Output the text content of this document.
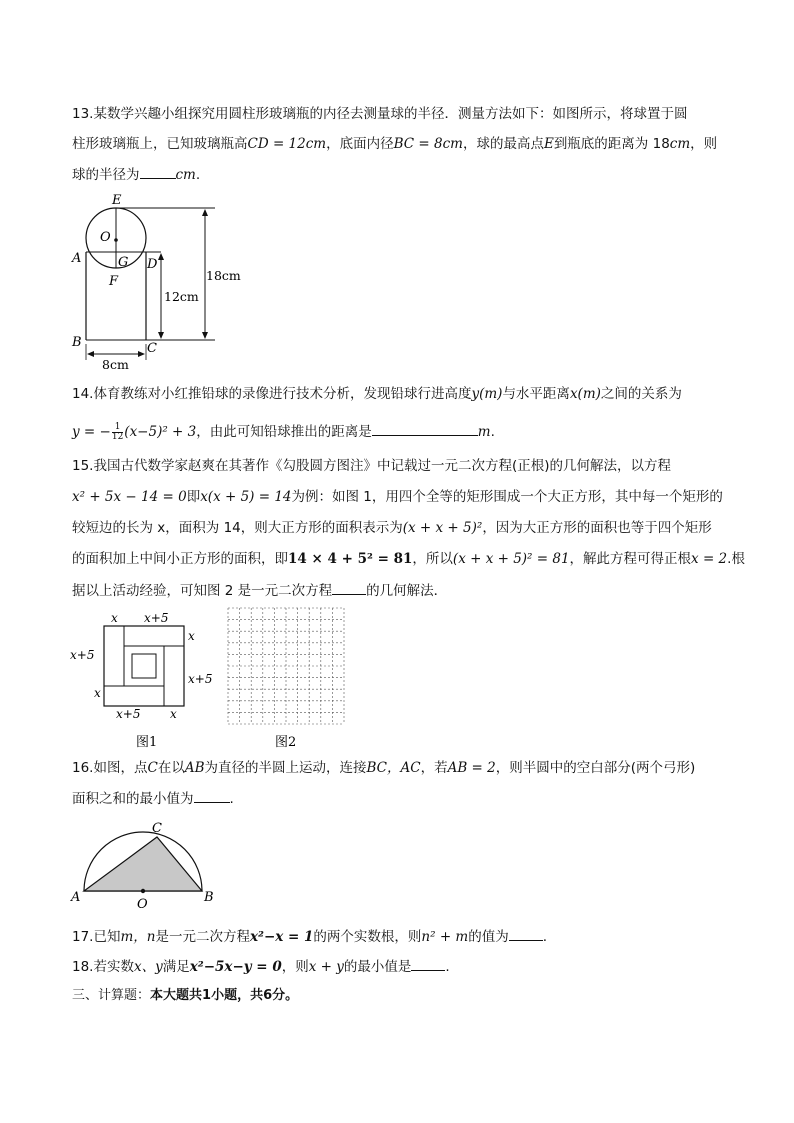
13.某数学兴趣小组探究用圆柱形玻璃瓶的内径去测量球的半径．测量方法如下：如图所示，将球置于圆
柱形玻璃瓶上，已知玻璃瓶高CD = 12cm，底面内径BC = 8cm，球的最高点E到瓶底的距离为 18cm，则
球的半径为	cm.
E
O
A	G D
F
B	C
18cm
12cm
8cm
14.体育教练对小红推铅球的录像进行技术分析，发现铅球行进高度y(m)与水平距离x(m)之间的关系为
y = − $\frac{1}{12} (x-5)^2 + 3$，由此可知铅球推出的距离是	m.
15.我国古代数学家赵爽在其著作《勾股圆方图注》中记载过一元二次方程(正根)的几何解法，以方程
x² + 5x − 14 = 0即x(x + 5) = 14为例：如图 1，用四个全等的矩形围成一个大正方形，其中每一个矩形的
较短边的长为 x，面积为 14，则大正方形的面积表示为(x + x + 5)²，因为大正方形的面积也等于四个矩形
的面积加上中间小正方形的面积，即14 × 4 + 5² = 81，所以(x + x + 5)² = 81，解此方程可得正根x = 2.根
据以上活动经验，可知图 2 是一元二次方程	的几何解法．
x x+5
x+5
x
x
x+5
x+5 x
图1	图2
16.如图，点C在以AB为直径的半圆上运动，连接BC，AC，若AB = 2，则半圆中的空白部分(两个弓形)
面积之和的最小值为	.
A	B
C
O
17.已知m，n是一元二次方程x²−x = 1的两个实数根，则n² + m的值为	.
18.若实数x、y满足x²−5x−y = 0，则x + y的最小值是	.
三、计算题：本大题共1小题，共6分。
